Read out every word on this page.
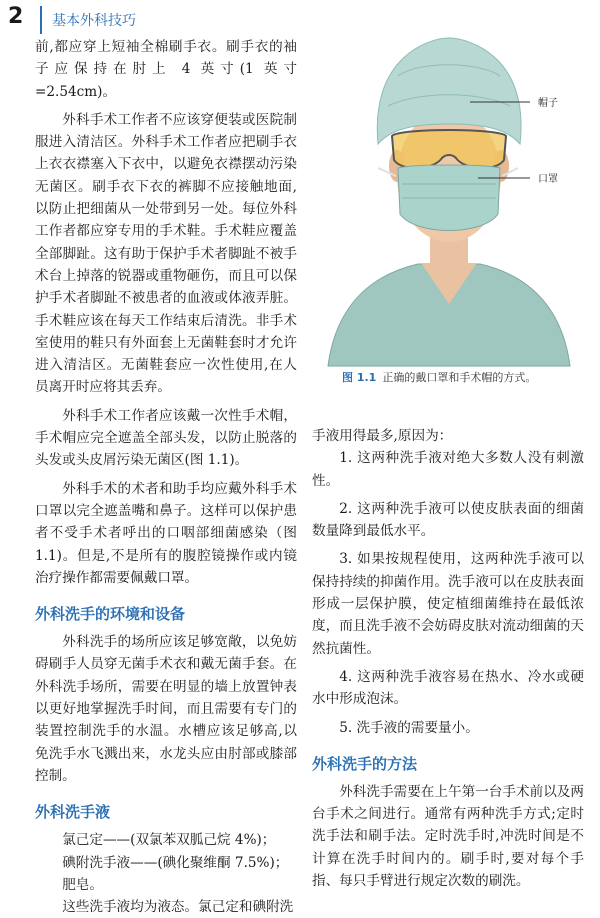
2 基本外科技巧

前,都应穿上短袖全棉刷手衣。刷手衣的袖子应保持在肘上 4 英寸(1 英寸=2.54cm)。

外科手术工作者不应该穿便装或医院制服进入清洁区。外科手术工作者应把刷手衣上衣衣襟塞入下衣中，以避免衣襟摆动污染无菌区。刷手衣下衣的裤脚不应接触地面,以防止把细菌从一处带到另一处。每位外科工作者都应穿专用的手术鞋。手术鞋应覆盖全部脚趾。这有助于保护手术者脚趾不被手术台上掉落的锐器或重物砸伤，而且可以保护手术者脚趾不被患者的血液或体液弄脏。手术鞋应该在每天工作结束后清洗。非手术室使用的鞋只有外面套上无菌鞋套时才允许进入清洁区。无菌鞋套应一次性使用,在人员离开时应将其丢弃。

外科手术工作者应该戴一次性手术帽，手术帽应完全遮盖全部头发，以防止脱落的头发或头皮屑污染无菌区(图 1.1)。

外科手术的术者和助手均应戴外科手术口罩以完全遮盖嘴和鼻子。这样可以保护患者不受手术者呼出的口咽部细菌感染（图 1.1)。但是,不是所有的腹腔镜操作或内镜治疗操作都需要佩戴口罩。

外科洗手的环境和设备

外科洗手的场所应该足够宽敞，以免妨碍刷手人员穿无菌手术衣和戴无菌手套。在外科洗手场所，需要在明显的墙上放置钟表以更好地掌握洗手时间，而且需要有专门的装置控制洗手的水温。水槽应该足够高,以免洗手水飞溅出来，水龙头应由肘部或膝部控制。

外科洗手液

氯己定——(双氯苯双胍己烷 4%)；

碘附洗手液——(碘化聚维酮 7.5%)；

肥皂。

这些洗手液均为液态。氯己定和碘附洗

帽子
口罩
图 1.1 正确的戴口罩和手术帽的方式。

手液用得最多,原因为：

1. 这两种洗手液对绝大多数人没有刺激性。

2. 这两种洗手液可以使皮肤表面的细菌数量降到最低水平。

3. 如果按规程使用，这两种洗手液可以保持持续的抑菌作用。洗手液可以在皮肤表面形成一层保护膜，使定植细菌维持在最低浓度，而且洗手液不会妨碍皮肤对流动细菌的天然抗菌性。

4. 这两种洗手液容易在热水、冷水或硬水中形成泡沫。

5. 洗手液的需要量小。

外科洗手的方法

外科洗手需要在上午第一台手术前以及两台手术之间进行。通常有两种洗手方式;定时洗手法和刷手法。定时洗手时,冲洗时间是不计算在洗手时间内的。刷手时,要对每个手指、每只手臂进行规定次数的刷洗。
